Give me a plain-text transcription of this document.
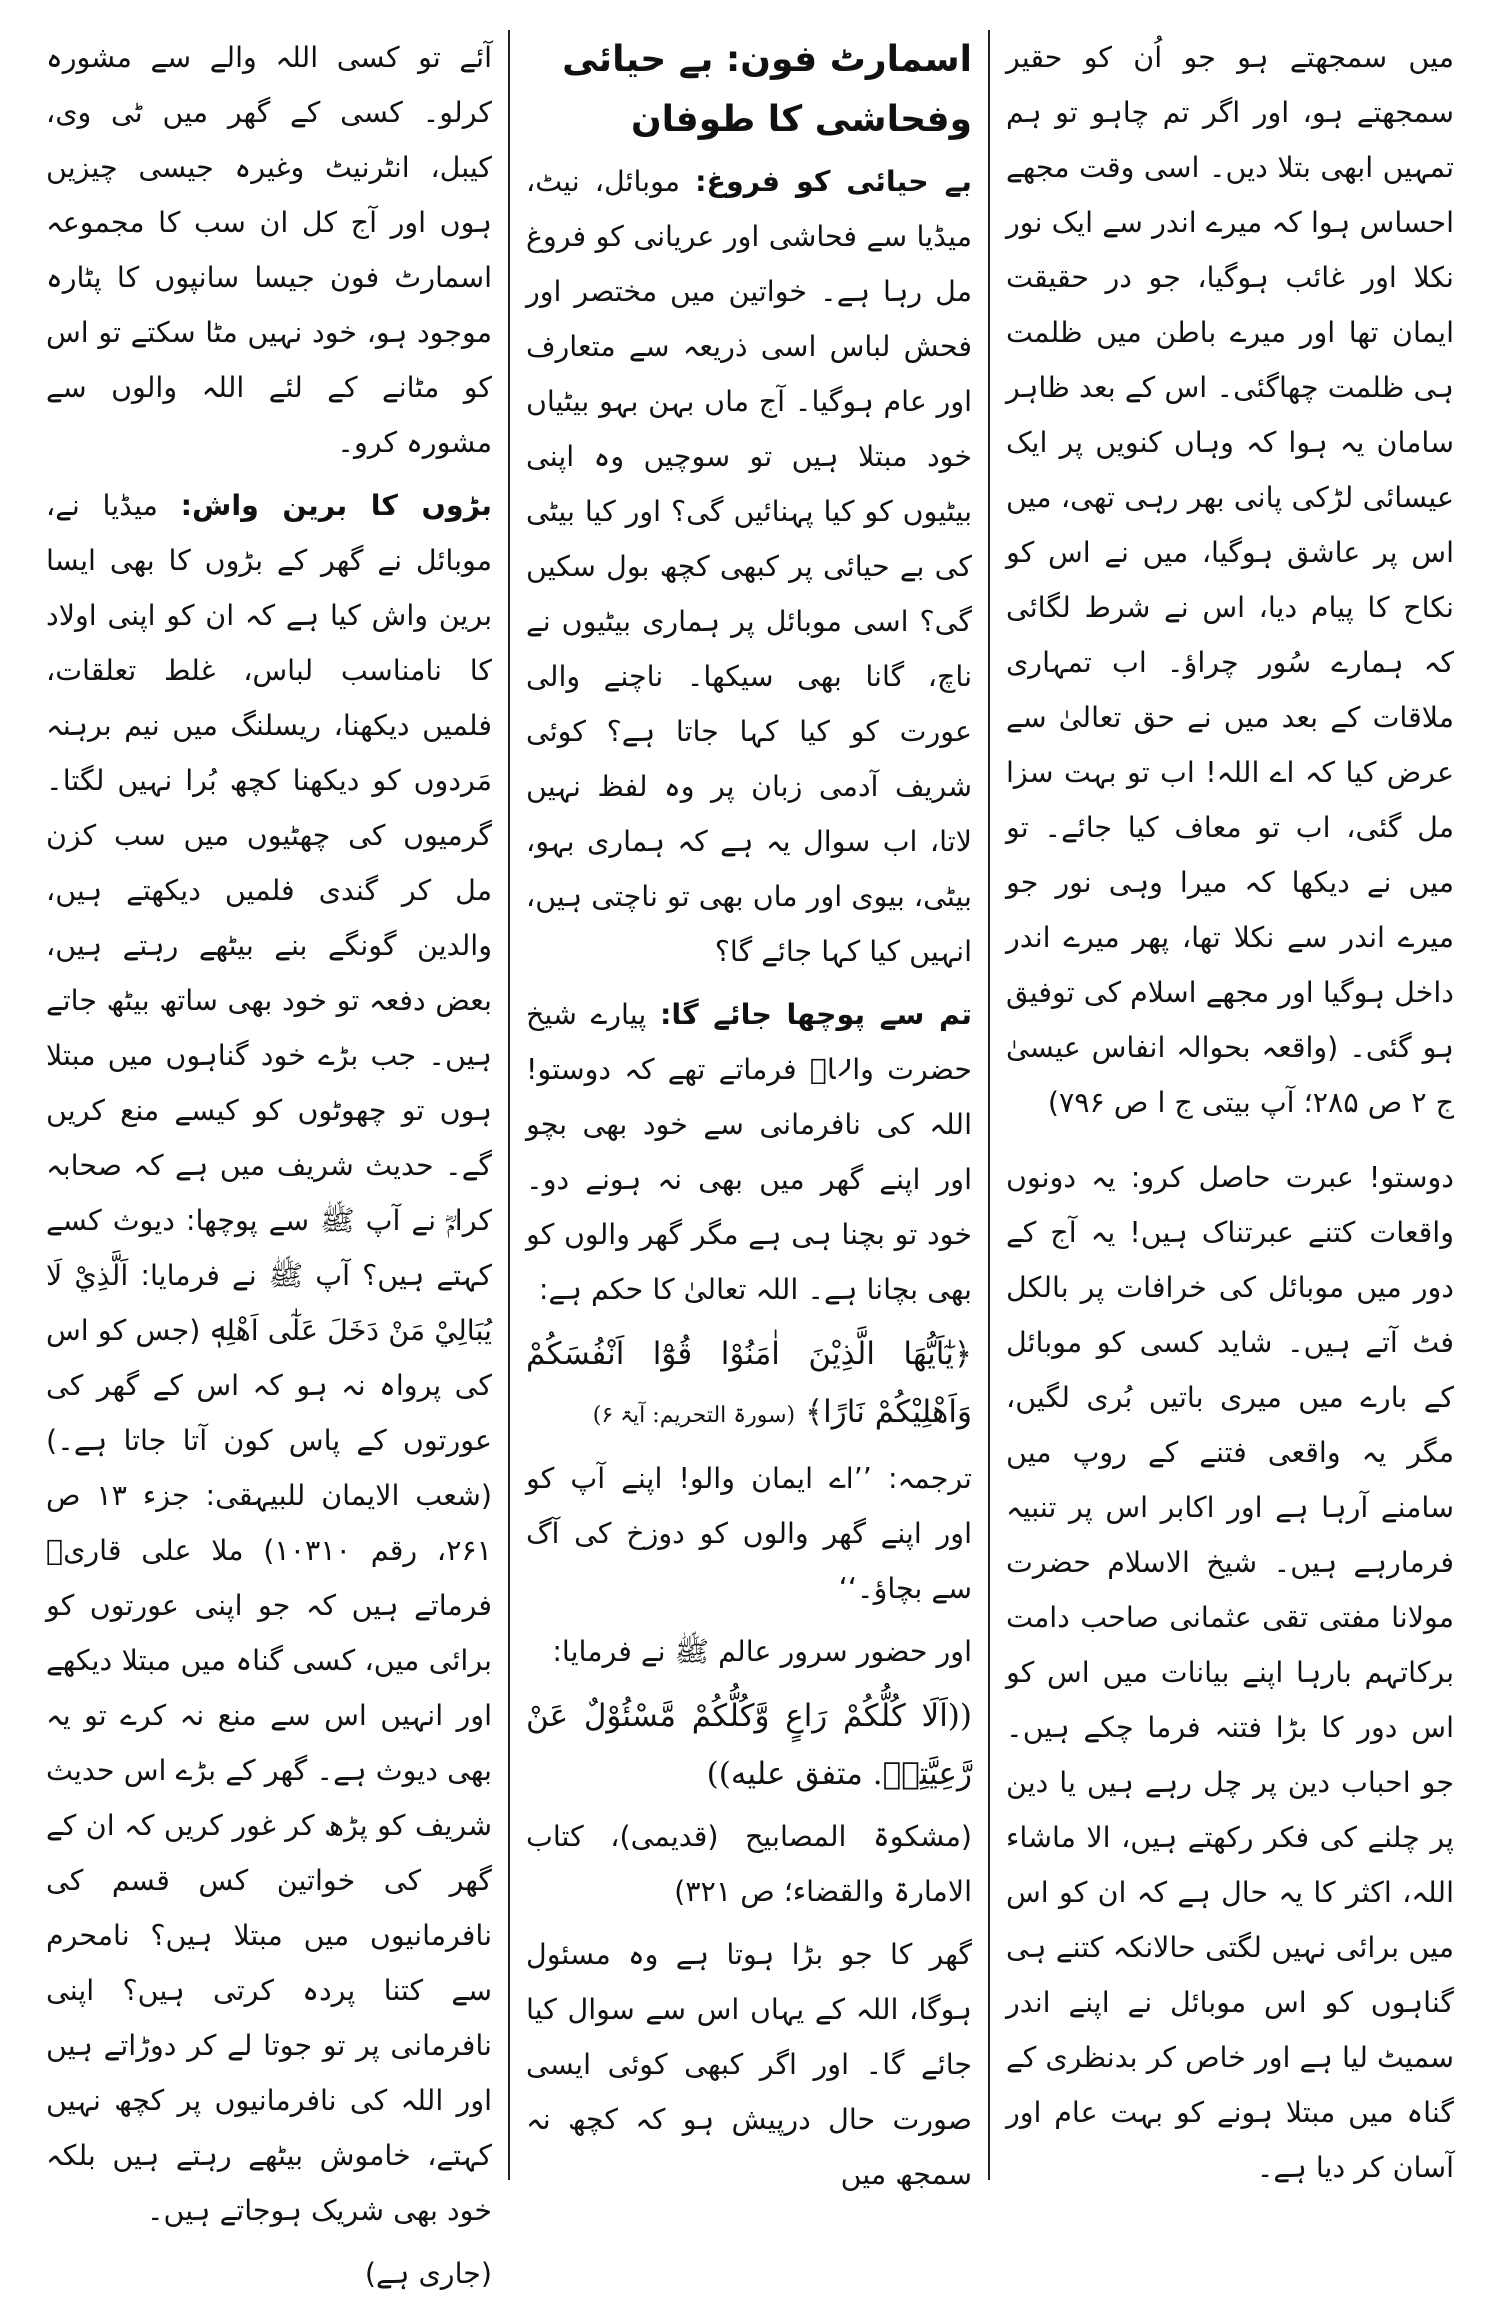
میں سمجھتے ہو جو اُن کو حقیر سمجھتے ہو، اور اگر تم چاہو تو ہم تمہیں ابھی بتلا دیں۔ اسی وقت مجھے احساس ہوا کہ میرے اندر سے ایک نور نکلا اور غائب ہوگیا، جو در حقیقت ایمان تھا اور میرے باطن میں ظلمت ہی ظلمت چھاگئی۔ اس کے بعد ظاہر سامان یہ ہوا کہ وہاں کنویں پر ایک عیسائی لڑکی پانی بھر رہی تھی، میں اس پر عاشق ہوگیا، میں نے اس کو نکاح کا پیام دیا، اس نے شرط لگائی کہ ہمارے سُور چراؤ۔ اب تمہاری ملاقات کے بعد میں نے حق تعالیٰ سے عرض کیا کہ اے اللہ! اب تو بہت سزا مل گئی، اب تو معاف کیا جائے۔ تو میں نے دیکھا کہ میرا وہی نور جو میرے اندر سے نکلا تھا، پھر میرے اندر داخل ہوگیا اور مجھے اسلام کی توفیق ہو گئی۔ (واقعہ بحوالہ انفاس عیسیٰ ج ۲ ص ۲۸۵؛ آپ بیتی ج ا ص ۷۹۶)

دوستو! عبرت حاصل کرو: یہ دونوں واقعات کتنے عبرتناک ہیں! یہ آج کے دور میں موبائل کی خرافات پر بالکل فٹ آتے ہیں۔ شاید کسی کو موبائل کے بارے میں میری باتیں بُری لگیں، مگر یہ واقعی فتنے کے روپ میں سامنے آرہا ہے اور اکابر اس پر تنبیہ فرمارہے ہیں۔ شیخ الاسلام حضرت مولانا مفتی تقی عثمانی صاحب دامت برکاتہم بارہا اپنے بیانات میں اس کو اس دور کا بڑا فتنہ فرما چکے ہیں۔ جو احباب دین پر چل رہے ہیں یا دین پر چلنے کی فکر رکھتے ہیں، الا ماشاء اللہ، اکثر کا یہ حال ہے کہ ان کو اس میں برائی نہیں لگتی حالانکہ کتنے ہی گناہوں کو اس موبائل نے اپنے اندر سمیٹ لیا ہے اور خاص کر بدنظری کے گناہ میں مبتلا ہونے کو بہت عام اور آسان کر دیا ہے۔

اسمارٹ فون: بے حیائی وفحاشی کا طوفان

بے حیائی کو فروغ: موبائل، نیٹ، میڈیا سے فحاشی اور عریانی کو فروغ مل رہا ہے۔ خواتین میں مختصر اور فحش لباس اسی ذریعہ سے متعارف اور عام ہوگیا۔ آج ماں بہن بہو بیٹیاں خود مبتلا ہیں تو سوچیں وہ اپنی بیٹیوں کو کیا پہنائیں گی؟ اور کیا بیٹی کی بے حیائی پر کبھی کچھ بول سکیں گی؟ اسی موبائل پر ہماری بیٹیوں نے ناچ، گانا بھی سیکھا۔ ناچنے والی عورت کو کیا کہا جاتا ہے؟ کوئی شریف آدمی زبان پر وہ لفظ نہیں لاتا، اب سوال یہ ہے کہ ہماری بہو، بیٹی، بیوی اور ماں بھی تو ناچتی ہیں، انہیں کیا کہا جائے گا؟

تم سے پوچھا جائے گا: پیارے شیخ حضرت والاؒ فرماتے تھے کہ دوستو! اللہ کی نافرمانی سے خود بھی بچو اور اپنے گھر میں بھی نہ ہونے دو۔ خود تو بچنا ہی ہے مگر گھر والوں کو بھی بچانا ہے۔ اللہ تعالیٰ کا حکم ہے:

﴿يٰٓاَيُّهَا الَّذِيْنَ اٰمَنُوْا قُوْٓا اَنْفُسَكُمْ وَاَهْلِيْكُمْ نَارًا﴾ (سورۃ التحریم: آیۃ ۶)

ترجمہ: ’’اے ایمان والو! اپنے آپ کو اور اپنے گھر والوں کو دوزخ کی آگ سے بچاؤ۔‘‘

اور حضور سرور عالم ﷺ نے فرمایا:

((اَلَا كُلُّكُمْ رَاعٍ وَّكُلُّكُمْ مَّسْئُوْلٌ عَنْ رَّعِيَّتِهٖ. متفق عليه))

(مشکوۃ المصابیح (قدیمی)، کتاب الامارۃ والقضاء؛ ص ۳۲۱)

گھر کا جو بڑا ہوتا ہے وہ مسئول ہوگا، اللہ کے یہاں اس سے سوال کیا جائے گا۔ اور اگر کبھی کوئی ایسی صورت حال درپیش ہو کہ کچھ نہ سمجھ میں

آئے تو کسی اللہ والے سے مشورہ کرلو۔ کسی کے گھر میں ٹی وی، کیبل، انٹرنیٹ وغیرہ جیسی چیزیں ہوں اور آج کل ان سب کا مجموعہ اسمارٹ فون جیسا سانپوں کا پٹارہ موجود ہو، خود نہیں مٹا سکتے تو اس کو مٹانے کے لئے اللہ والوں سے مشورہ کرو۔

بڑوں کا برین واش: میڈیا نے، موبائل نے گھر کے بڑوں کا بھی ایسا برین واش کیا ہے کہ ان کو اپنی اولاد کا نامناسب لباس، غلط تعلقات، فلمیں دیکھنا، ریسلنگ میں نیم برہنہ مَردوں کو دیکھنا کچھ بُرا نہیں لگتا۔ گرمیوں کی چھٹیوں میں سب کزن مل کر گندی فلمیں دیکھتے ہیں، والدین گونگے بنے بیٹھے رہتے ہیں، بعض دفعہ تو خود بھی ساتھ بیٹھ جاتے ہیں۔ جب بڑے خود گناہوں میں مبتلا ہوں تو چھوٹوں کو کیسے منع کریں گے۔ حدیث شریف میں ہے کہ صحابہ کرامؓ نے آپ ﷺ سے پوچھا: دیوث کسے کہتے ہیں؟ آپ ﷺ نے فرمایا: اَلَّذِيْ لَا يُبَالِيْ مَنْ دَخَلَ عَلٰٓى اَهْلِهٖ (جس کو اس کی پرواہ نہ ہو کہ اس کے گھر کی عورتوں کے پاس کون آتا جاتا ہے۔) (شعب الایمان للبیہقی: جزء ۱۳ ص ۲۶۱، رقم ۱۰۳۱۰) ملا علی قاریؒ فرماتے ہیں کہ جو اپنی عورتوں کو برائی میں، کسی گناہ میں مبتلا دیکھے اور انہیں اس سے منع نہ کرے تو یہ بھی دیوث ہے۔ گھر کے بڑے اس حدیث شریف کو پڑھ کر غور کریں کہ ان کے گھر کی خواتین کس قسم کی نافرمانیوں میں مبتلا ہیں؟ نامحرم سے کتنا پردہ کرتی ہیں؟ اپنی نافرمانی پر تو جوتا لے کر دوڑاتے ہیں اور اللہ کی نافرمانیوں پر کچھ نہیں کہتے، خاموش بیٹھے رہتے ہیں بلکہ خود بھی شریک ہوجاتے ہیں۔

(جاری ہے)
